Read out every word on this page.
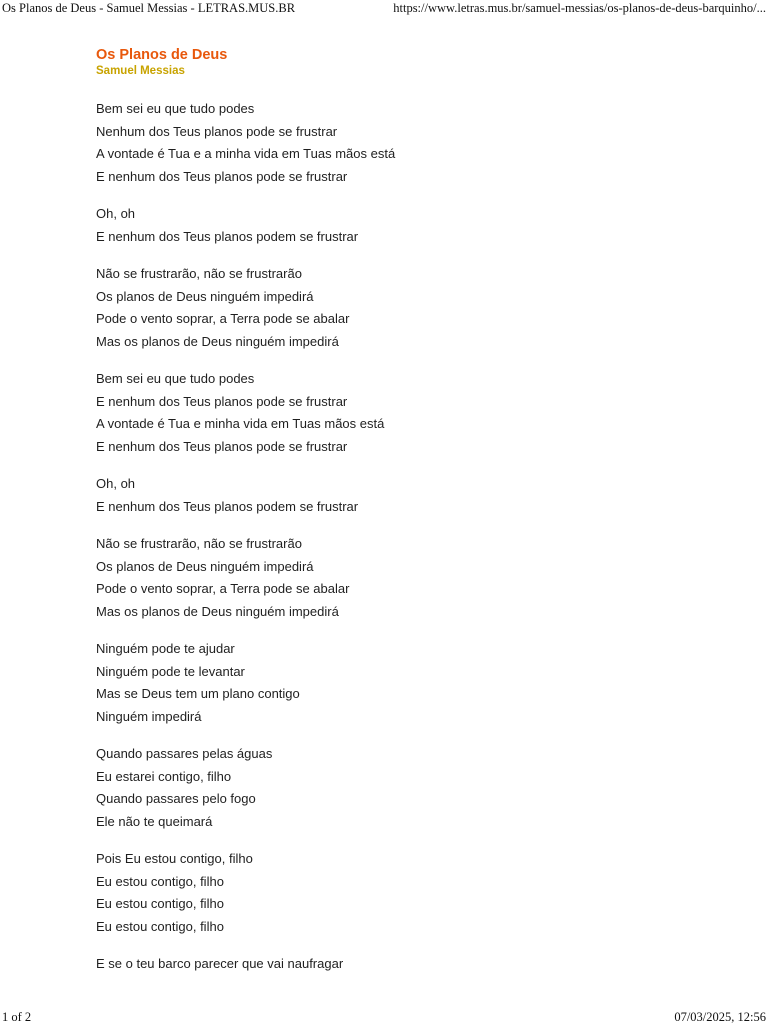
Os Planos de Deus - Samuel Messias - LETRAS.MUS.BR	https://www.letras.mus.br/samuel-messias/os-planos-de-deus-barquinho/...
Os Planos de Deus
Samuel Messias

Bem sei eu que tudo podes
Nenhum dos Teus planos pode se frustrar
A vontade é Tua e a minha vida em Tuas mãos está
E nenhum dos Teus planos pode se frustrar

Oh, oh
E nenhum dos Teus planos podem se frustrar

Não se frustrarão, não se frustrarão
Os planos de Deus ninguém impedirá
Pode o vento soprar, a Terra pode se abalar
Mas os planos de Deus ninguém impedirá

Bem sei eu que tudo podes
E nenhum dos Teus planos pode se frustrar
A vontade é Tua e minha vida em Tuas mãos está
E nenhum dos Teus planos pode se frustrar

Oh, oh
E nenhum dos Teus planos podem se frustrar

Não se frustrarão, não se frustrarão
Os planos de Deus ninguém impedirá
Pode o vento soprar, a Terra pode se abalar
Mas os planos de Deus ninguém impedirá

Ninguém pode te ajudar
Ninguém pode te levantar
Mas se Deus tem um plano contigo
Ninguém impedirá

Quando passares pelas águas
Eu estarei contigo, filho
Quando passares pelo fogo
Ele não te queimará

Pois Eu estou contigo, filho
Eu estou contigo, filho
Eu estou contigo, filho
Eu estou contigo, filho

E se o teu barco parecer que vai naufragar

1 of 2	07/03/2025, 12:56
